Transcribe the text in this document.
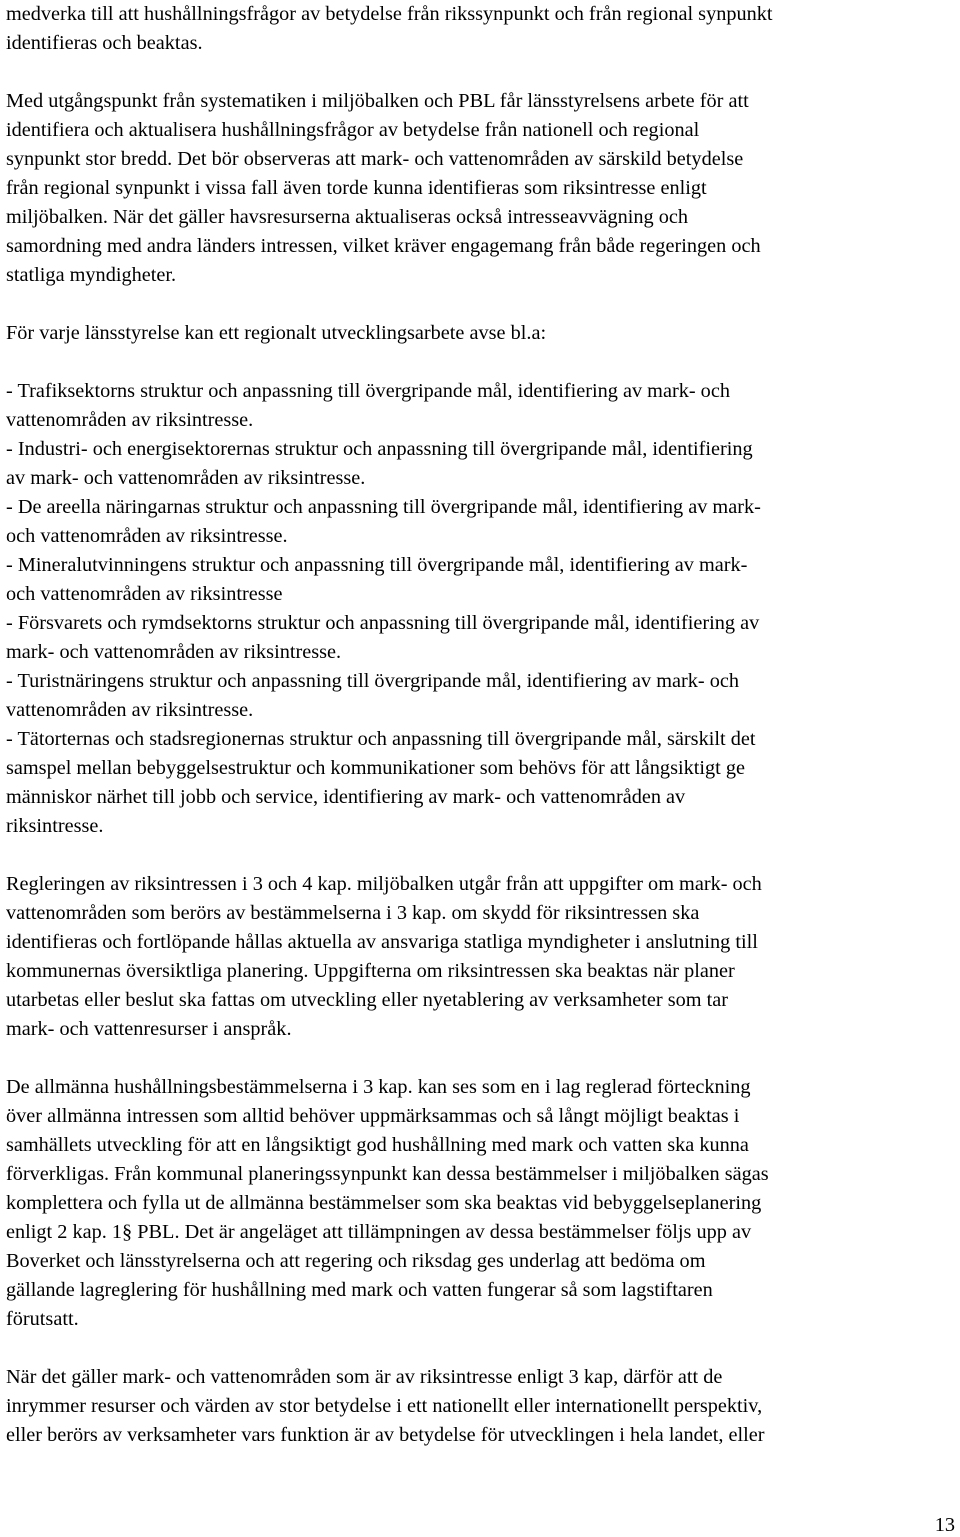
medverka till att hushållningsfrågor av betydelse från rikssynpunkt och från regional synpunkt
identifieras och beaktas.
Med utgångspunkt från systematiken i miljöbalken och PBL får länsstyrelsens arbete för att
identifiera och aktualisera hushållningsfrågor av betydelse från nationell och regional
synpunkt stor bredd. Det bör observeras att mark- och vattenområden av särskild betydelse
från regional synpunkt i vissa fall även torde kunna identifieras som riksintresse enligt
miljöbalken. När det gäller havsresurserna aktualiseras också intresseavvägning och
samordning med andra länders intressen, vilket kräver engagemang från både regeringen och
statliga myndigheter.
För varje länsstyrelse kan ett regionalt utvecklingsarbete avse bl.a:
- Trafiksektorns struktur och anpassning till övergripande mål, identifiering av mark- och
vattenområden av riksintresse.
- Industri- och energisektorernas struktur och anpassning till övergripande mål, identifiering
av mark- och vattenområden av riksintresse.
- De areella näringarnas struktur och anpassning till övergripande mål, identifiering av mark-
och vattenområden av riksintresse.
- Mineralutvinningens struktur och anpassning till övergripande mål, identifiering av mark-
och vattenområden av riksintresse
- Försvarets och rymdsektorns struktur och anpassning till övergripande mål, identifiering av
mark- och vattenområden av riksintresse.
- Turistnäringens struktur och anpassning till övergripande mål, identifiering av mark- och
vattenområden av riksintresse.
- Tätorternas och stadsregionernas struktur och anpassning till övergripande mål, särskilt det
samspel mellan bebyggelsestruktur och kommunikationer som behövs för att långsiktigt ge
människor närhet till jobb och service, identifiering av mark- och vattenområden av
riksintresse.
Regleringen av riksintressen i 3 och 4 kap. miljöbalken utgår från att uppgifter om mark- och
vattenområden som berörs av bestämmelserna i 3 kap. om skydd för riksintressen ska
identifieras och fortlöpande hållas aktuella av ansvariga statliga myndigheter i anslutning till
kommunernas översiktliga planering. Uppgifterna om riksintressen ska beaktas när planer
utarbetas eller beslut ska fattas om utveckling eller nyetablering av verksamheter som tar
mark- och vattenresurser i anspråk.
De allmänna hushållningsbestämmelserna i 3 kap. kan ses som en i lag reglerad förteckning
över allmänna intressen som alltid behöver uppmärksammas och så långt möjligt beaktas i
samhällets utveckling för att en långsiktigt god hushållning med mark och vatten ska kunna
förverkligas. Från kommunal planeringssynpunkt kan dessa bestämmelser i miljöbalken sägas
komplettera och fylla ut de allmänna bestämmelser som ska beaktas vid bebyggelseplanering
enligt 2 kap. 1§ PBL. Det är angeläget att tillämpningen av dessa bestämmelser följs upp av
Boverket och länsstyrelserna och att regering och riksdag ges underlag att bedöma om
gällande lagreglering för hushållning med mark och vatten fungerar så som lagstiftaren
förutsatt.
När det gäller mark- och vattenområden som är av riksintresse enligt 3 kap, därför att de
inrymmer resurser och värden av stor betydelse i ett nationellt eller internationellt perspektiv,
eller berörs av verksamheter vars funktion är av betydelse för utvecklingen i hela landet, eller
13
